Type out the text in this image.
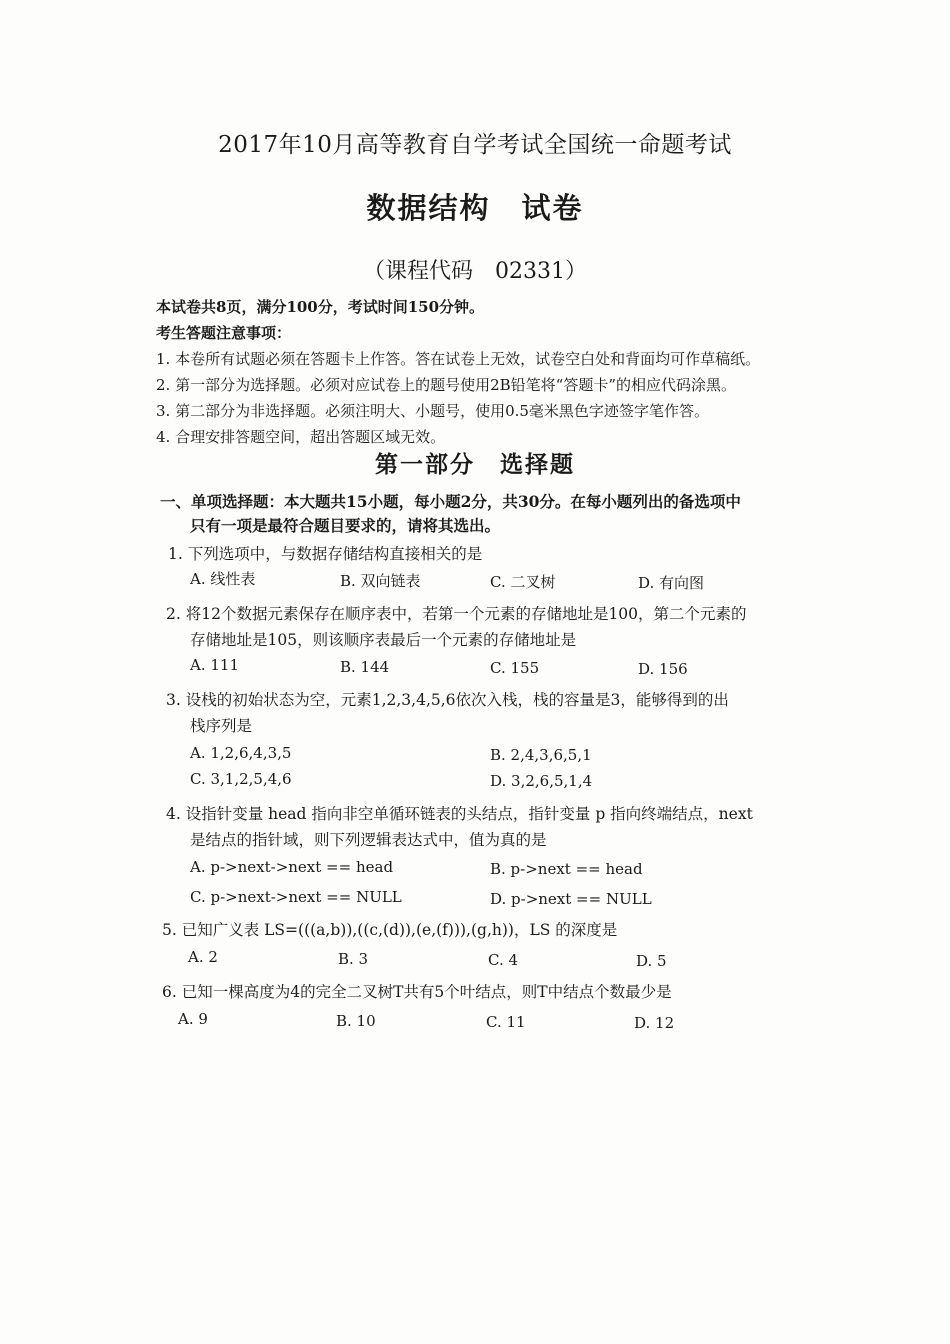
2017年10月高等教育自学考试全国统一命题考试
数据结构　试卷
（课程代码　02331）
本试卷共8页，满分100分，考试时间150分钟。
考生答题注意事项：
1. 本卷所有试题必须在答题卡上作答。答在试卷上无效，试卷空白处和背面均可作草稿纸。
2. 第一部分为选择题。必须对应试卷上的题号使用2B铅笔将“答题卡”的相应代码涂黑。
3. 第二部分为非选择题。必须注明大、小题号，使用0.5毫米黑色字迹签字笔作答。
4. 合理安排答题空间，超出答题区域无效。
第一部分　选择题
一、单项选择题：本大题共15小题，每小题2分，共30分。在每小题列出的备选项中
只有一项是最符合题目要求的，请将其选出。
1. 下列选项中，与数据存储结构直接相关的是
A. 线性表	B. 双向链表	C. 二叉树	D. 有向图
2. 将12个数据元素保存在顺序表中，若第一个元素的存储地址是100，第二个元素的
存储地址是105，则该顺序表最后一个元素的存储地址是
A. 111	B. 144	C. 155	D. 156
3. 设栈的初始状态为空，元素1,2,3,4,5,6依次入栈，栈的容量是3，能够得到的出
栈序列是
A. 1,2,6,4,3,5	B. 2,4,3,6,5,1
C. 3,1,2,5,4,6	D. 3,2,6,5,1,4
4. 设指针变量 head 指向非空单循环链表的头结点，指针变量 p 指向终端结点，next
是结点的指针域，则下列逻辑表达式中，值为真的是
A. p->next->next == head	B. p->next == head
C. p->next->next == NULL	D. p->next == NULL
5. 已知广义表 LS=(((a,b)),((c,(d)),(e,(f))),(g,h))，LS 的深度是
A. 2	B. 3	C. 4	D. 5
6. 已知一棵高度为4的完全二叉树T共有5个叶结点，则T中结点个数最少是
A. 9	B. 10	C. 11	D. 12
